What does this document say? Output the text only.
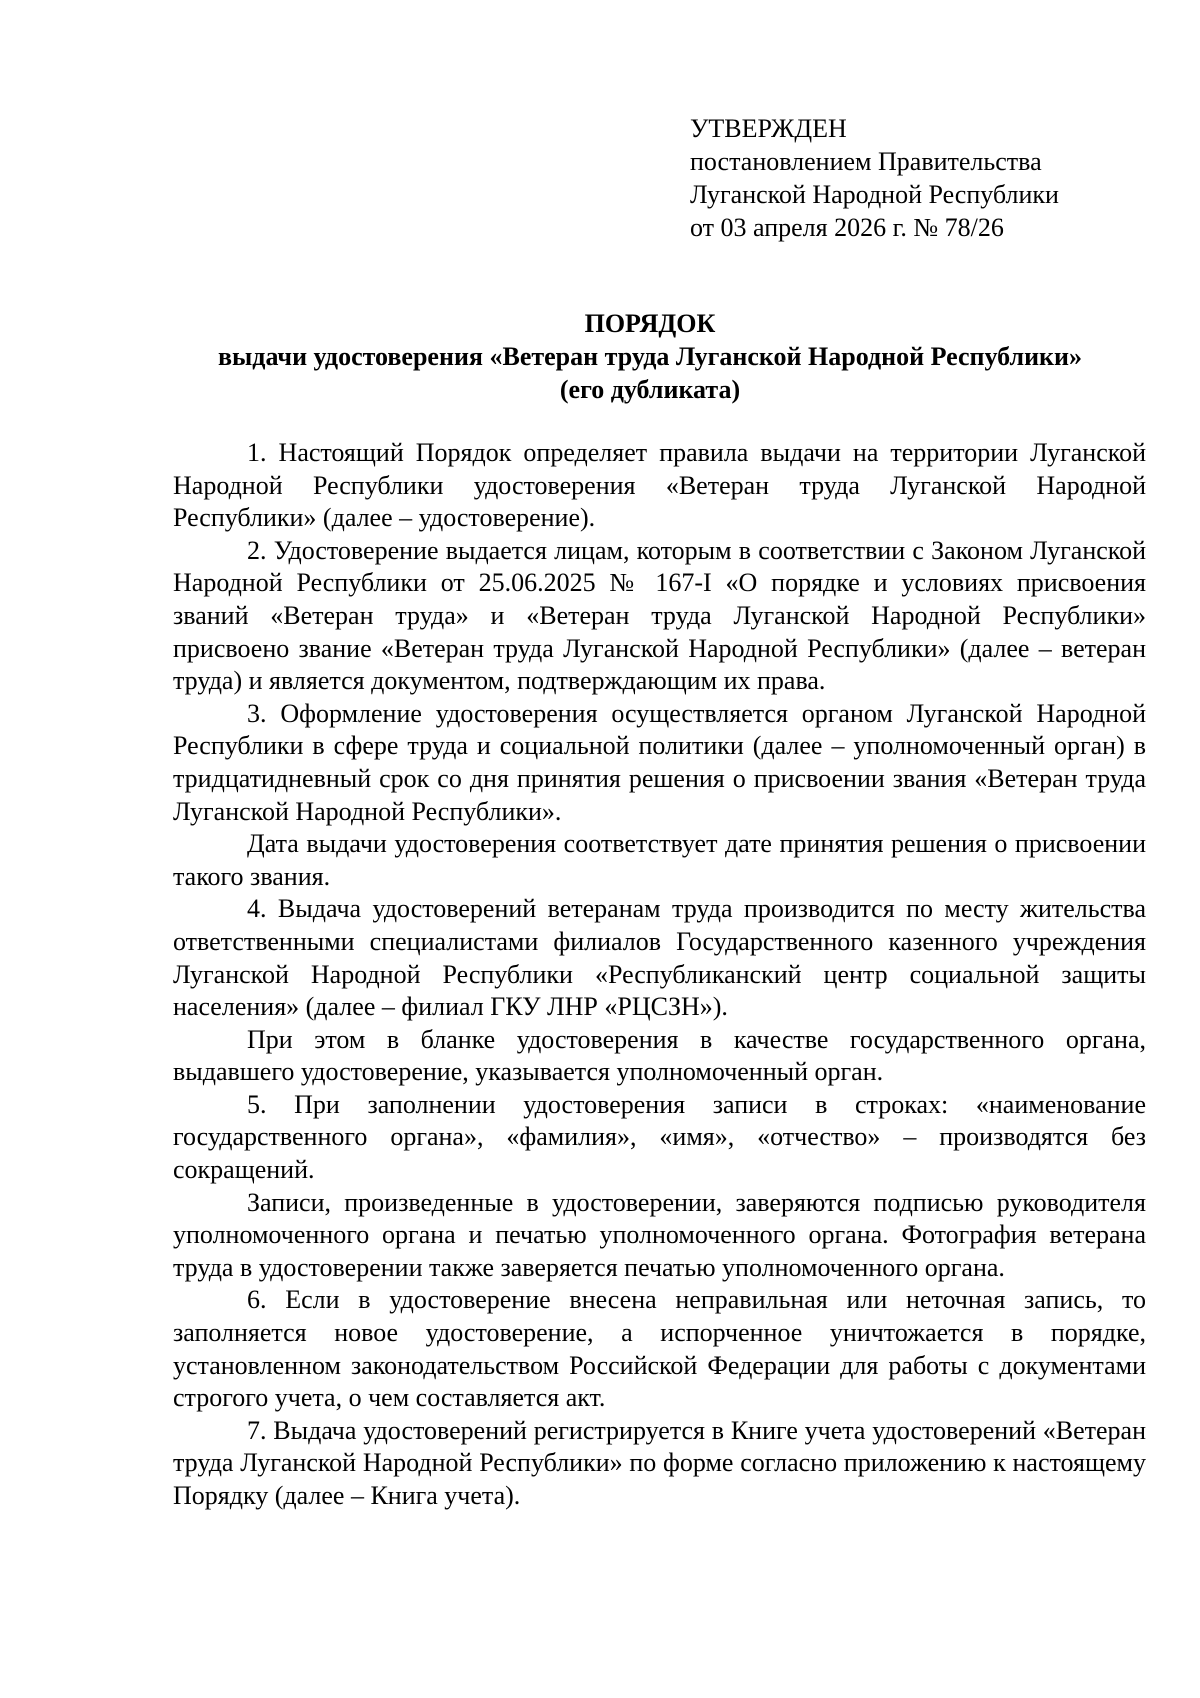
УТВЕРЖДЕН
постановлением Правительства
Луганской Народной Республики
от 03 апреля 2026 г. № 78/26
ПОРЯДОК
выдачи удостоверения «Ветеран труда Луганской Народной Республики»
(его дубликата)

1. Настоящий Порядок определяет правила выдачи на территории Луганской Народной Республики удостоверения «Ветеран труда Луганской Народной Республики» (далее – удостоверение).

2. Удостоверение выдается лицам, которым в соответствии с Законом Луганской Народной Республики от 25.06.2025 № 167-I «О порядке и условиях присвоения званий «Ветеран труда» и «Ветеран труда Луганской Народной Республики» присвоено звание «Ветеран труда Луганской Народной Республики» (далее – ветеран труда) и является документом, подтверждающим их права.

3. Оформление удостоверения осуществляется органом Луганской Народной Республики в сфере труда и социальной политики (далее – уполномоченный орган) в тридцатидневный срок со дня принятия решения о присвоении звания «Ветеран труда Луганской Народной Республики».

Дата выдачи удостоверения соответствует дате принятия решения о присвоении такого звания.

4. Выдача удостоверений ветеранам труда производится по месту жительства ответственными специалистами филиалов Государственного казенного учреждения Луганской Народной Республики «Республиканский центр социальной защиты населения» (далее – филиал ГКУ ЛНР «РЦСЗН»).

При этом в бланке удостоверения в качестве государственного органа, выдавшего удостоверение, указывается уполномоченный орган.

5. При заполнении удостоверения записи в строках: «наименование государственного органа», «фамилия», «имя», «отчество» – производятся без сокращений.

Записи, произведенные в удостоверении, заверяются подписью руководителя уполномоченного органа и печатью уполномоченного органа. Фотография ветерана труда в удостоверении также заверяется печатью уполномоченного органа.

6. Если в удостоверение внесена неправильная или неточная запись, то заполняется новое удостоверение, а испорченное уничтожается в порядке, установленном законодательством Российской Федерации для работы с документами строгого учета, о чем составляется акт.

7. Выдача удостоверений регистрируется в Книге учета удостоверений «Ветеран труда Луганской Народной Республики» по форме согласно приложению к настоящему Порядку (далее – Книга учета).
